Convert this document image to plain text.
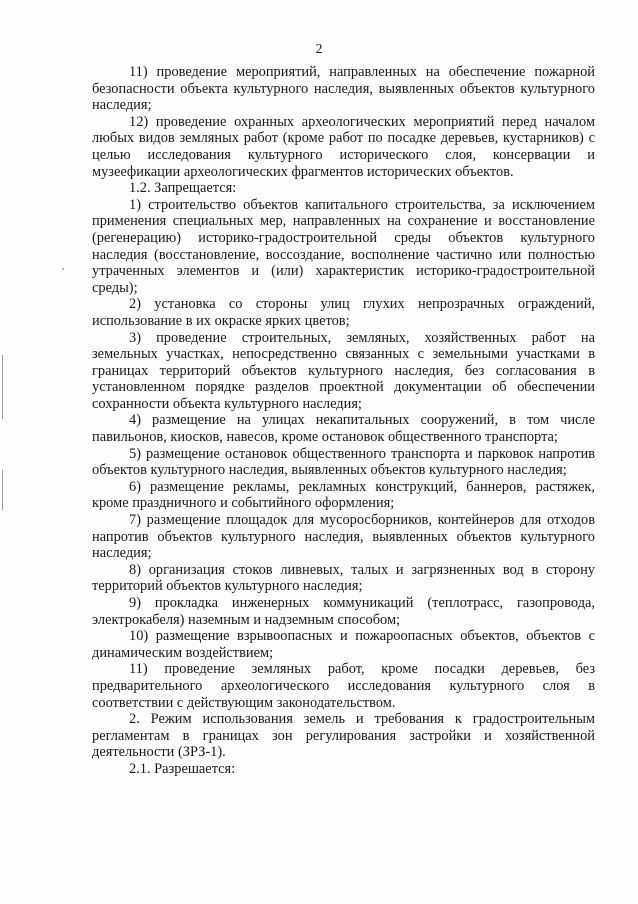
2

11) проведение мероприятий, направленных на обеспечение пожарной безопасности объекта культурного наследия, выявленных объектов культурного наследия;

12) проведение охранных археологических мероприятий перед началом любых видов земляных работ (кроме работ по посадке деревьев, кустарников) с целью исследования культурного исторического слоя, консервации и музеефикации археологических фрагментов исторических объектов.

1.2. Запрещается:

1) строительство объектов капитального строительства, за исключением применения специальных мер, направленных на сохранение и восстановление (регенерацию) историко-градостроительной среды объектов культурного наследия (восстановление, воссоздание, восполнение частично или полностью утраченных элементов и (или) характеристик историко-градостроительной среды);

2) установка со стороны улиц глухих непрозрачных ограждений, использование в их окраске ярких цветов;

3) проведение строительных, земляных, хозяйственных работ на земельных участках, непосредственно связанных с земельными участками в границах территорий объектов культурного наследия, без согласования в установленном порядке разделов проектной документации об обеспечении сохранности объекта культурного наследия;

4) размещение на улицах некапитальных сооружений, в том числе павильонов, киосков, навесов, кроме остановок общественного транспорта;

5) размещение остановок общественного транспорта и парковок напротив объектов культурного наследия, выявленных объектов культурного наследия;

6) размещение рекламы, рекламных конструкций, баннеров, растяжек, кроме праздничного и событийного оформления;

7) размещение площадок для мусоросборников, контейнеров для отходов напротив объектов культурного наследия, выявленных объектов культурного наследия;

8) организация стоков ливневых, талых и загрязненных вод в сторону территорий объектов культурного наследия;

9) прокладка инженерных коммуникаций (теплотрасс, газопровода, электрокабеля) наземным и надземным способом;

10) размещение взрывоопасных и пожароопасных объектов, объектов с динамическим воздействием;

11) проведение земляных работ, кроме посадки деревьев, без предварительного археологического исследования культурного слоя в соответствии с действующим законодательством.

2. Режим использования земель и требования к градостроительным регламентам в границах зон регулирования застройки и хозяйственной деятельности (ЗРЗ-1).

2.1. Разрешается:
